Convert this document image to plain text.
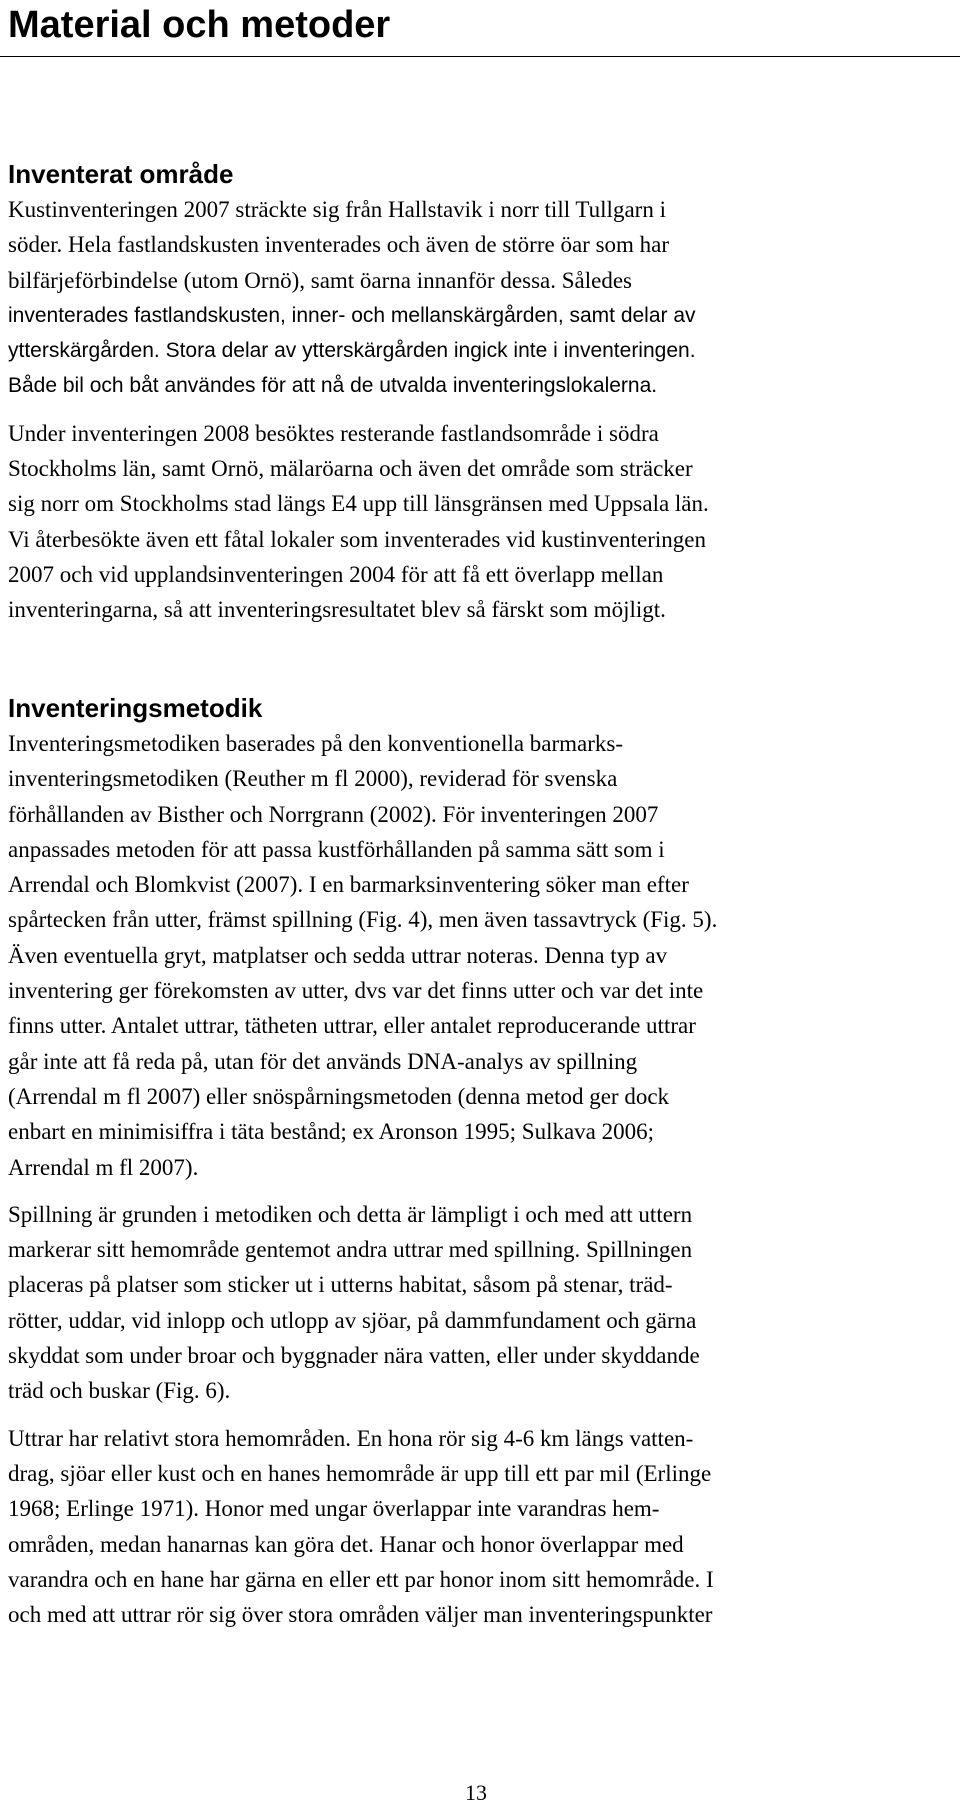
Material och metoder
Inventerat område

Kustinventeringen 2007 sträckte sig från Hallstavik i norr till Tullgarn i
söder. Hela fastlandskusten inventerades och även de större öar som har
bilfärjeförbindelse (utom Ornö), samt öarna innanför dessa. Således
inventerades fastlandskusten, inner- och mellanskärgården, samt delar av
ytterskärgården. Stora delar av ytterskärgården ingick inte i inventeringen.
Både bil och båt användes för att nå de utvalda inventeringslokalerna.

Under inventeringen 2008 besöktes resterande fastlandsområde i södra
Stockholms län, samt Ornö, mälaröarna och även det område som sträcker
sig norr om Stockholms stad längs E4 upp till länsgränsen med Uppsala län.
Vi återbesökte även ett fåtal lokaler som inventerades vid kustinventeringen
2007 och vid upplandsinventeringen 2004 för att få ett överlapp mellan
inventeringarna, så att inventeringsresultatet blev så färskt som möjligt.

Inventeringsmetodik

Inventeringsmetodiken baserades på den konventionella barmarks-
inventeringsmetodiken (Reuther m fl 2000), reviderad för svenska
förhållanden av Bisther och Norrgrann (2002). För inventeringen 2007
anpassades metoden för att passa kustförhållanden på samma sätt som i
Arrendal och Blomkvist (2007). I en barmarksinventering söker man efter
spårtecken från utter, främst spillning (Fig. 4), men även tassavtryck (Fig. 5).
Även eventuella gryt, matplatser och sedda uttrar noteras. Denna typ av
inventering ger förekomsten av utter, dvs var det finns utter och var det inte
finns utter. Antalet uttrar, tätheten uttrar, eller antalet reproducerande uttrar
går inte att få reda på, utan för det används DNA-analys av spillning
(Arrendal m fl 2007) eller snöspårningsmetoden (denna metod ger dock
enbart en minimisiffra i täta bestånd; ex Aronson 1995; Sulkava 2006;
Arrendal m fl 2007).

Spillning är grunden i metodiken och detta är lämpligt i och med att uttern
markerar sitt hemområde gentemot andra uttrar med spillning. Spillningen
placeras på platser som sticker ut i utterns habitat, såsom på stenar, träd-
rötter, uddar, vid inlopp och utlopp av sjöar, på dammfundament och gärna
skyddat som under broar och byggnader nära vatten, eller under skyddande
träd och buskar (Fig. 6).

Uttrar har relativt stora hemområden. En hona rör sig 4-6 km längs vatten-
drag, sjöar eller kust och en hanes hemområde är upp till ett par mil (Erlinge
1968; Erlinge 1971). Honor med ungar överlappar inte varandras hem-
områden, medan hanarnas kan göra det. Hanar och honor överlappar med
varandra och en hane har gärna en eller ett par honor inom sitt hemområde. I
och med att uttrar rör sig över stora områden väljer man inventeringspunkter

13
